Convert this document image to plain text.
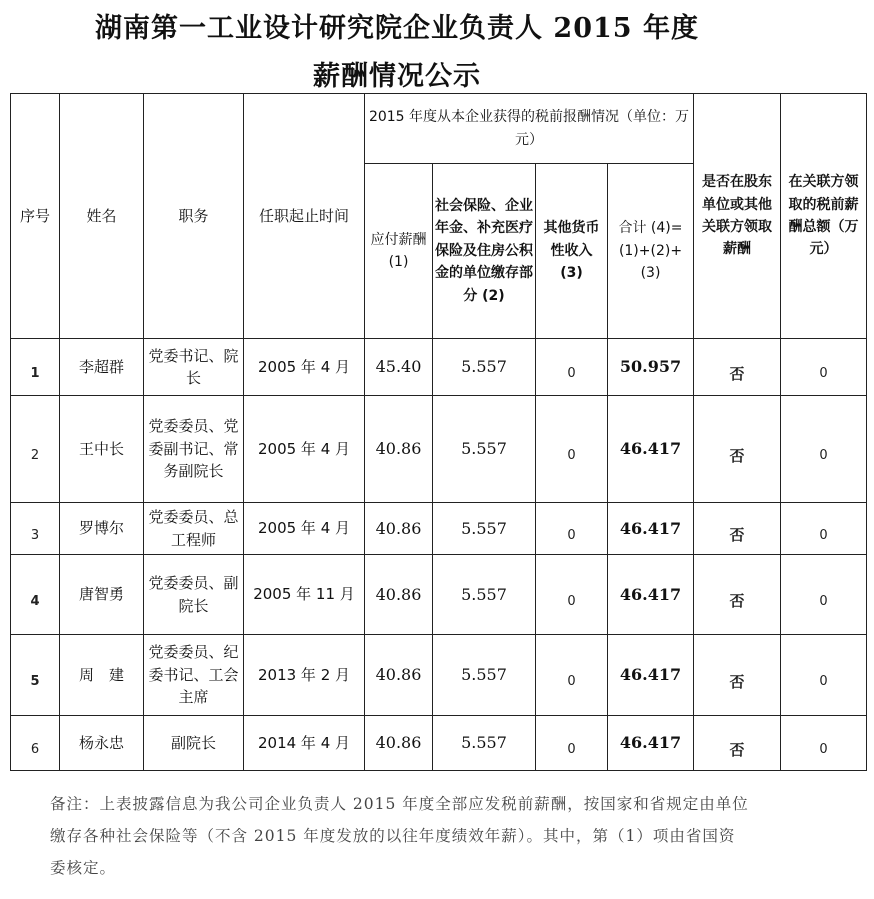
湖南第一工业设计研究院企业负责人 2015 年度
薪酬情况公示
序号	姓名	职务	任职起止时间	2015 年度从本企业获得的税前报酬情况（单位：万元）				是否在股东单位或其他关联方领取薪酬	在关联方领取的税前薪酬总额（万元）
				应付薪酬 (1)	社会保险、企业年金、补充医疗保险及住房公积金的单位缴存部分 (2)	其他货币性收入 (3)	合计 (4)=(1)+(2)+(3)		
1	李超群	党委书记、院长	2005 年 4 月	45.40	5.557	0	50.957	否	0
2	王中长	党委委员、党委副书记、常务副院长	2005 年 4 月	40.86	5.557	0	46.417	否	0
3	罗博尔	党委委员、总工程师	2005 年 4 月	40.86	5.557	0	46.417	否	0
4	唐智勇	党委委员、副院长	2005 年 11 月	40.86	5.557	0	46.417	否	0
5	周　建	党委委员、纪委书记、工会主席	2013 年 2 月	40.86	5.557	0	46.417	否	0
6	杨永忠	副院长	2014 年 4 月	40.86	5.557	0	46.417	否	0
备注：上表披露信息为我公司企业负责人 2015 年度全部应发税前薪酬，按国家和省规定由单位缴存各种社会保险等（不含 2015 年度发放的以往年度绩效年薪）。其中，第（1）项由省国资委核定。
